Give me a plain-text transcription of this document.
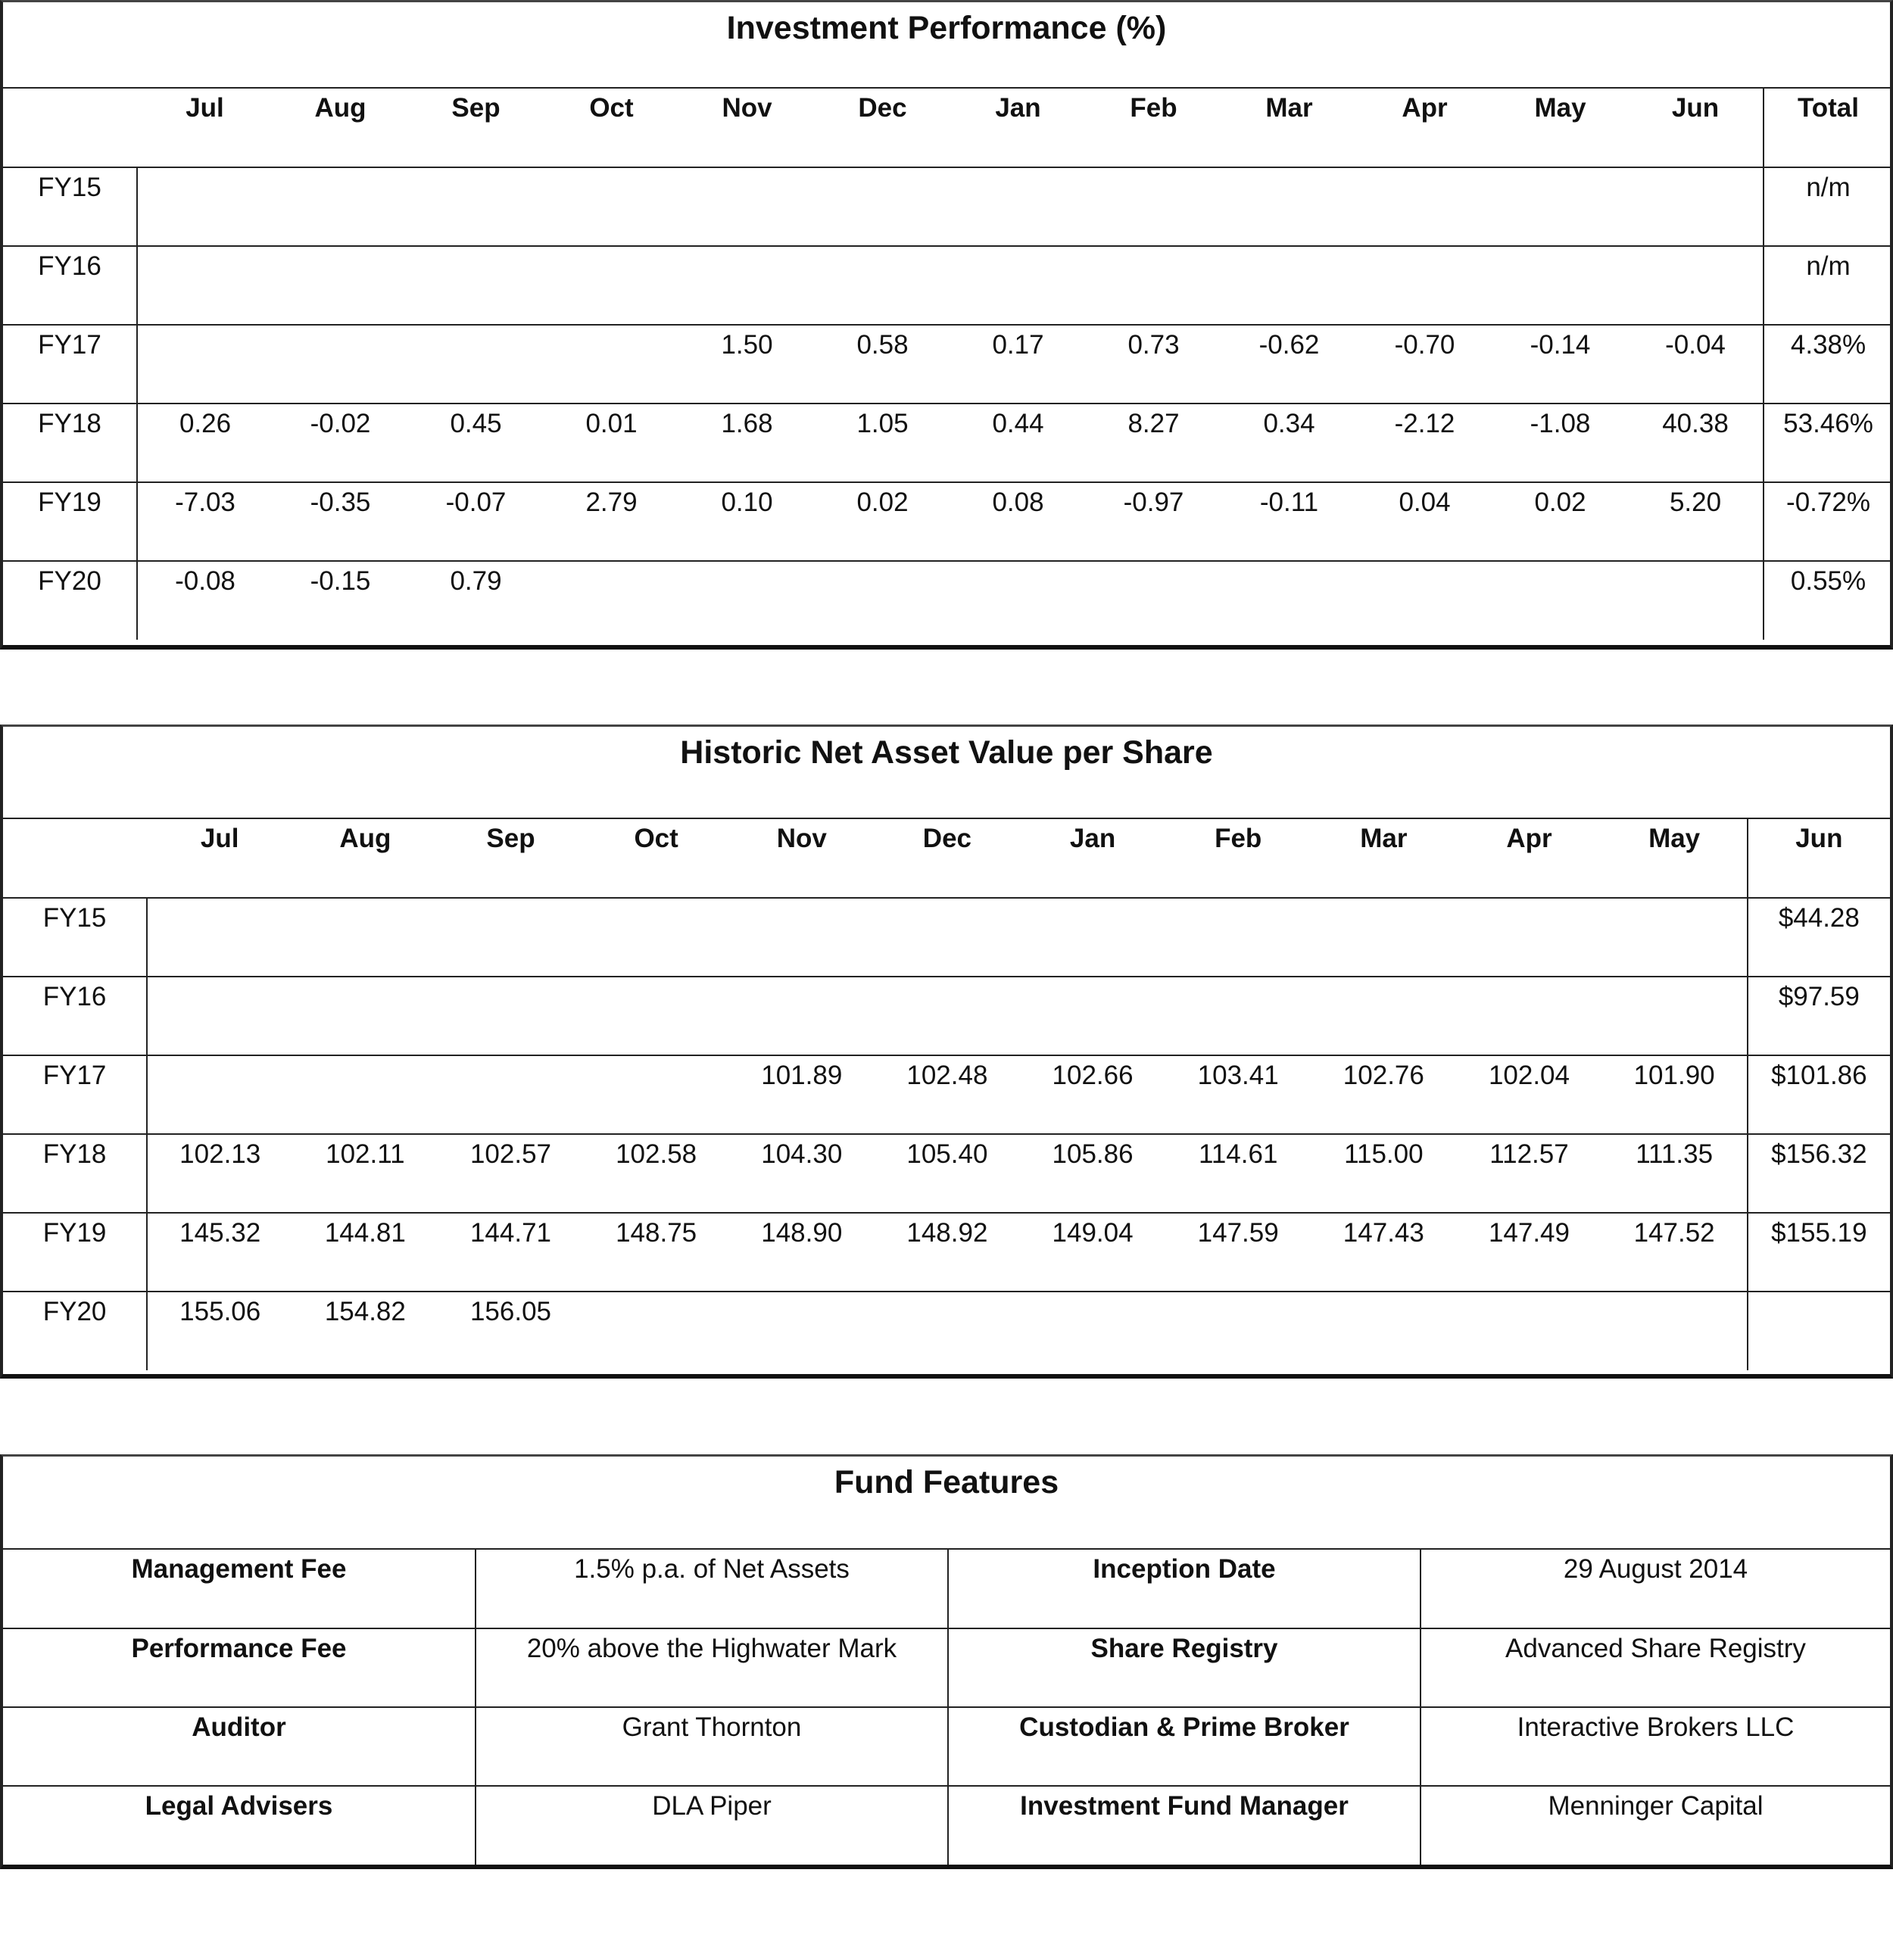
Investment Performance (%)
	Jul	Aug	Sep	Oct	Nov	Dec	Jan	Feb	Mar	Apr	May	Jun	Total
FY15													n/m
FY16													n/m
FY17					1.50	0.58	0.17	0.73	-0.62	-0.70	-0.14	-0.04	4.38%
FY18	0.26	-0.02	0.45	0.01	1.68	1.05	0.44	8.27	0.34	-2.12	-1.08	40.38	53.46%
FY19	-7.03	-0.35	-0.07	2.79	0.10	0.02	0.08	-0.97	-0.11	0.04	0.02	5.20	-0.72%
FY20	-0.08	-0.15	0.79										0.55%
Historic Net Asset Value per Share
	Jul	Aug	Sep	Oct	Nov	Dec	Jan	Feb	Mar	Apr	May	Jun
FY15												$44.28
FY16												$97.59
FY17					101.89	102.48	102.66	103.41	102.76	102.04	101.90	$101.86
FY18	102.13	102.11	102.57	102.58	104.30	105.40	105.86	114.61	115.00	112.57	111.35	$156.32
FY19	145.32	144.81	144.71	148.75	148.90	148.92	149.04	147.59	147.43	147.49	147.52	$155.19
FY20	155.06	154.82	156.05									
Fund Features
Management Fee	1.5% p.a. of Net Assets	Inception Date	29 August 2014
Performance Fee	20% above the Highwater Mark	Share Registry	Advanced Share Registry
Auditor	Grant Thornton	Custodian & Prime Broker	Interactive Brokers LLC
Legal Advisers	DLA Piper	Investment Fund Manager	Menninger Capital
